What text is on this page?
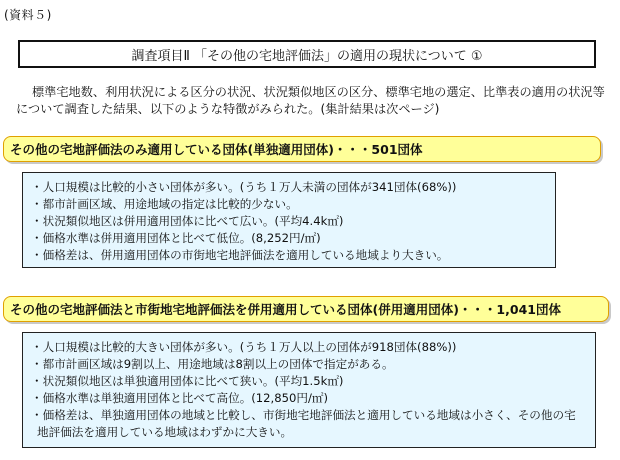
(資料５)
調査項目Ⅱ 「その他の宅地評価法」の適用の現状について ①
標準宅地数、利用状況による区分の状況、状況類似地区の区分、標準宅地の選定、比準表の適用の状況等について調査した結果、以下のような特徴がみられた。(集計結果は次ページ)
その他の宅地評価法のみ適用している団体(単独適用団体)・・・501団体
・人口規模は比較的小さい団体が多い。(うち１万人未満の団体が341団体(68%))
・都市計画区域、用途地域の指定は比較的少ない。
・状況類似地区は併用適用団体に比べて広い。(平均4.4k㎡)
・価格水準は併用適用団体と比べて低位。(8,252円/㎡)
・価格差は、併用適用団体の市街地宅地評価法を適用している地域より大きい。
その他の宅地評価法と市街地宅地評価法を併用適用している団体(併用適用団体)・・・1,041団体
・人口規模は比較的大きい団体が多い。(うち１万人以上の団体が918団体(88%))
・都市計画区域は9割以上、用途地域は8割以上の団体で指定がある。
・状況類似地区は単独適用団体に比べて狭い。(平均1.5k㎡)
・価格水準は単独適用団体と比べて高位。(12,850円/㎡)
・価格差は、単独適用団体の地域と比較し、市街地宅地評価法と適用している地域は小さく、その他の宅地評価法を適用している地域はわずかに大きい。
